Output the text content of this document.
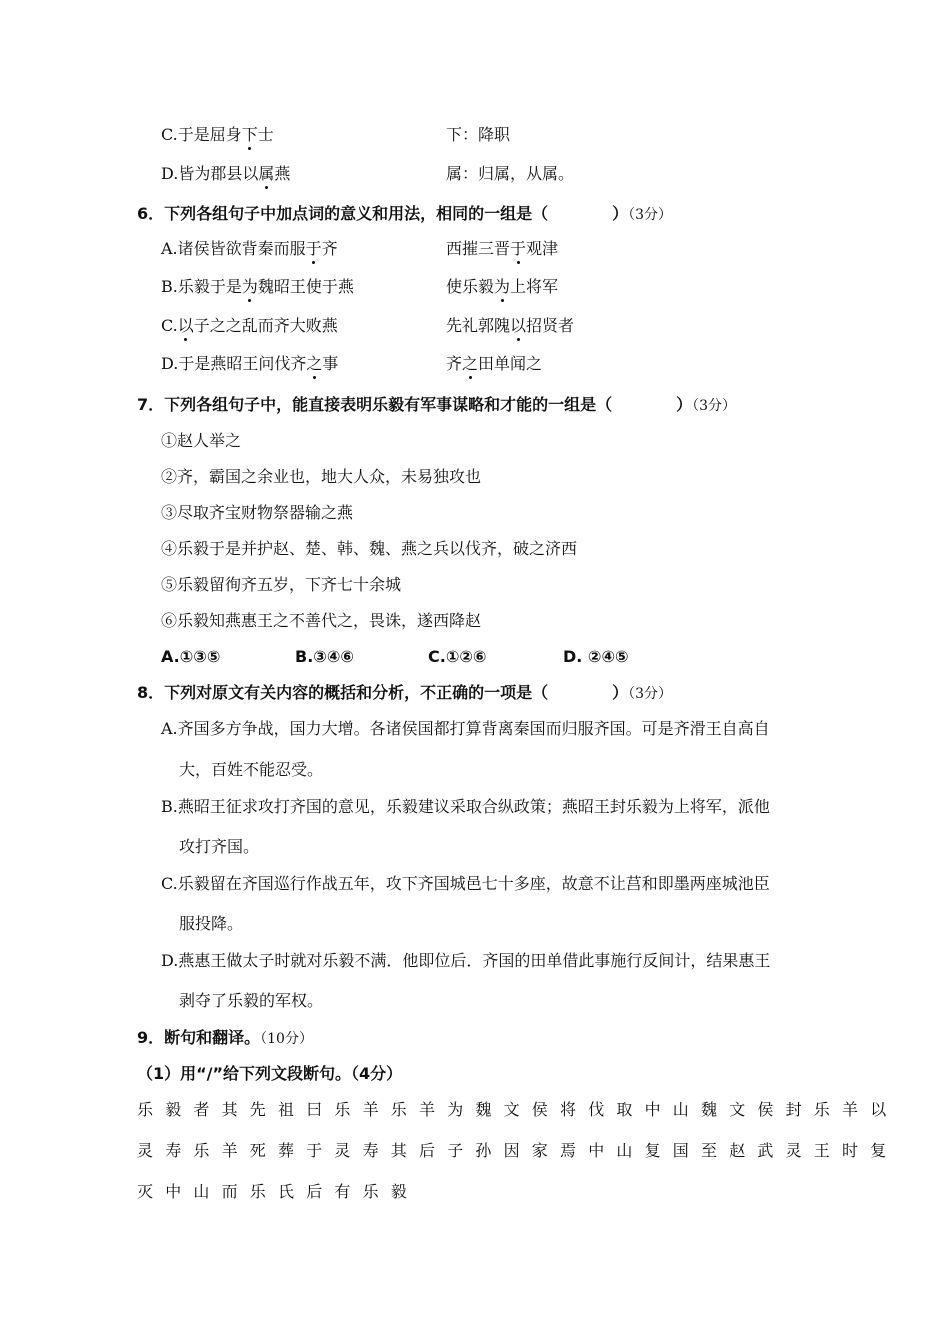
C.于是屈身下士	下：降职
D.皆为郡县以属燕	属：归属，从属。
6．下列各组句子中加点词的意义和用法，相同的一组是（　　　　）（3分）
A.诸侯皆欲背秦而服于齐	西摧三晋于观津
B.乐毅于是为魏昭王使于燕	使乐毅为上将军
C.以子之之乱而齐大败燕	先礼郭隗以招贤者
D.于是燕昭王问伐齐之事	齐之田单闻之
7．下列各组句子中，能直接表明乐毅有军事谋略和才能的一组是（　　　　）（3分）
①赵人举之
②齐，霸国之余业也，地大人众，未易独攻也
③尽取齐宝财物祭器输之燕
④乐毅于是并护赵、楚、韩、魏、燕之兵以伐齐，破之济西
⑤乐毅留徇齐五岁，下齐七十余城
⑥乐毅知燕惠王之不善代之，畏诛，遂西降赵
A.①③⑤	B.③④⑥	C.①②⑥	D. ②④⑤
8．下列对原文有关内容的概括和分析，不正确的一项是（　　　　）（3分）
A.齐国多方争战，国力大增。各诸侯国都打算背离秦国而归服齐国。可是齐滑王自高自
大，百姓不能忍受。
B.燕昭王征求攻打齐国的意见，乐毅建议采取合纵政策；燕昭王封乐毅为上将军，派他
攻打齐国。
C.乐毅留在齐国巡行作战五年，攻下齐国城邑七十多座，故意不让莒和即墨两座城池臣
服投降。
D.燕惠王做太子时就对乐毅不满．他即位后．齐国的田单借此事施行反间计，结果惠王
剥夺了乐毅的军权。
9．断句和翻译。（10分）
（1）用“/”给下列文段断句。（4分）
乐毅者其先祖曰乐羊乐羊为魏文侯将伐取中山魏文侯封乐羊以
灵寿乐羊死葬于灵寿其后子孙因家焉中山复国至赵武灵王时复
灭中山而乐氏后有乐毅
